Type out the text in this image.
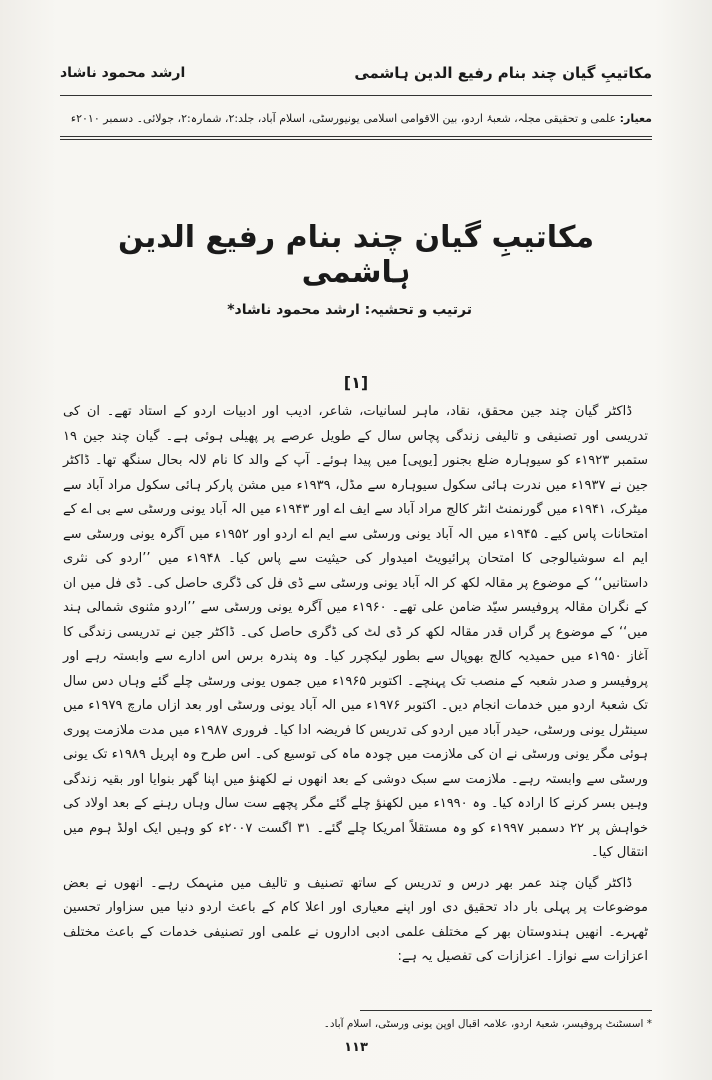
مکاتیبِ گیان چند بنام رفیع الدین ہاشمی
ارشد محمود ناشاد
معیار: علمی و تحقیقی مجلہ، شعبۂ اردو، بین الاقوامی اسلامی یونیورسٹی، اسلام آباد، جلد:۲، شمارہ:۲، جولائی۔ دسمبر ۲۰۱۰ء
مکاتیبِ گیان چند بنام رفیع الدین ہاشمی
ترتیب و تحشیہ: ارشد محمود ناشاد*
[۱]

ڈاکٹر گیان چند جین محقق، نقاد، ماہر لسانیات، شاعر، ادیب اور ادبیات اردو کے استاد تھے۔ ان کی تدریسی اور تصنیفی و تالیفی زندگی پچاس سال کے طویل عرصے پر پھیلی ہوئی ہے۔ گیان چند جین ۱۹ ستمبر ۱۹۲۳ء کو سیوہارہ ضلع بجنور [یوپی] میں پیدا ہوئے۔ آپ کے والد کا نام لالہ بحال سنگھ تھا۔ ڈاکٹر جین نے ۱۹۳۷ء میں ندرت ہائی سکول سیوہارہ سے مڈل، ۱۹۳۹ء میں مشن پارکر ہائی سکول مراد آباد سے میٹرک، ۱۹۴۱ء میں گورنمنٹ انٹر کالج مراد آباد سے ایف اے اور ۱۹۴۳ء میں الہ آباد یونی ورسٹی سے بی اے کے امتحانات پاس کیے۔ ۱۹۴۵ء میں الہ آباد یونی ورسٹی سے ایم اے اردو اور ۱۹۵۲ء میں آگرہ یونی ورسٹی سے ایم اے سوشیالوجی کا امتحان پرائیویٹ امیدوار کی حیثیت سے پاس کیا۔ ۱۹۴۸ء میں ’’اردو کی نثری داستانیں‘‘ کے موضوع پر مقالہ لکھ کر الہ آباد یونی ورسٹی سے ڈی فل کی ڈگری حاصل کی۔ ڈی فل میں ان کے نگران مقالہ پروفیسر سیّد ضامن علی تھے۔ ۱۹۶۰ء میں آگرہ یونی ورسٹی سے ’’اردو مثنوی شمالی ہند میں‘‘ کے موضوع پر گراں قدر مقالہ لکھ کر ڈی لٹ کی ڈگری حاصل کی۔ ڈاکٹر جین نے تدریسی زندگی کا آغاز ۱۹۵۰ء میں حمیدیہ کالج بھوپال سے بطور لیکچرر کیا۔ وہ پندرہ برس اس ادارے سے وابستہ رہے اور پروفیسر و صدر شعبہ کے منصب تک پہنچے۔ اکتوبر ۱۹۶۵ء میں جموں یونی ورسٹی چلے گئے وہاں دس سال تک شعبۂ اردو میں خدمات انجام دیں۔ اکتوبر ۱۹۷۶ء میں الہ آباد یونی ورسٹی اور بعد ازاں مارچ ۱۹۷۹ء میں سینٹرل یونی ورسٹی، حیدر آباد میں اردو کی تدریس کا فریضہ ادا کیا۔ فروری ۱۹۸۷ء میں مدت ملازمت پوری ہوئی مگر یونی ورسٹی نے ان کی ملازمت میں چودہ ماہ کی توسیع کی۔ اس طرح وہ اپریل ۱۹۸۹ء تک یونی ورسٹی سے وابستہ رہے۔ ملازمت سے سبک دوشی کے بعد انھوں نے لکھنؤ میں اپنا گھر بنوایا اور بقیہ زندگی وہیں بسر کرنے کا ارادہ کیا۔ وہ ۱۹۹۰ء میں لکھنؤ چلے گئے مگر پچھے ست سال وہاں رہنے کے بعد اولاد کی خواہش پر ۲۲ دسمبر ۱۹۹۷ء کو وہ مستقلاً امریکا چلے گئے۔ ۳۱ اگست ۲۰۰۷ء کو وہیں ایک اولڈ ہوم میں انتقال کیا۔

ڈاکٹر گیان چند عمر بھر درس و تدریس کے ساتھ تصنیف و تالیف میں منہمک رہے۔ انھوں نے بعض موضوعات پر پہلی بار داد تحقیق دی اور اپنے معیاری اور اعلا کام کے باعث اردو دنیا میں سزاوار تحسین ٹھہرے۔ انھیں ہندوستان بھر کے مختلف علمی ادبی اداروں نے علمی اور تصنیفی خدمات کے باعث مختلف اعزازات سے نوازا۔ اعزازات کی تفصیل یہ ہے:

* اسسٹنٹ پروفیسر، شعبۂ اردو، علامہ اقبال اوپن یونی ورسٹی، اسلام آباد۔
۱۱۳
